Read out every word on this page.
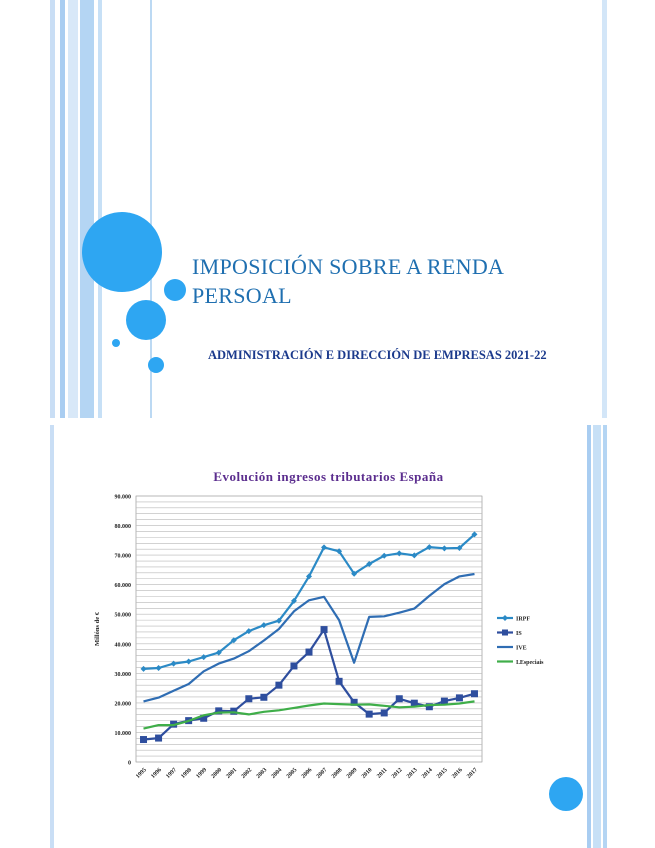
IMPOSICIÓN SOBRE A RENDA PERSOAL
ADMINISTRACIÓN E DIRECCIÓN DE EMPRESAS 2021-22
Evolución ingresos tributarios España
0
10.000
20.000
30.000
40.000
50.000
60.000
70.000
80.000
90.000
Millóns de €
1995 1996 1997 1998 1999 2000 2001 2002 2003 2004 2005 2006 2007 2008 2009 2010 2011 2012 2013 2014 2015 2016 2017
IRPF
IS
IVE
I.Especiais
